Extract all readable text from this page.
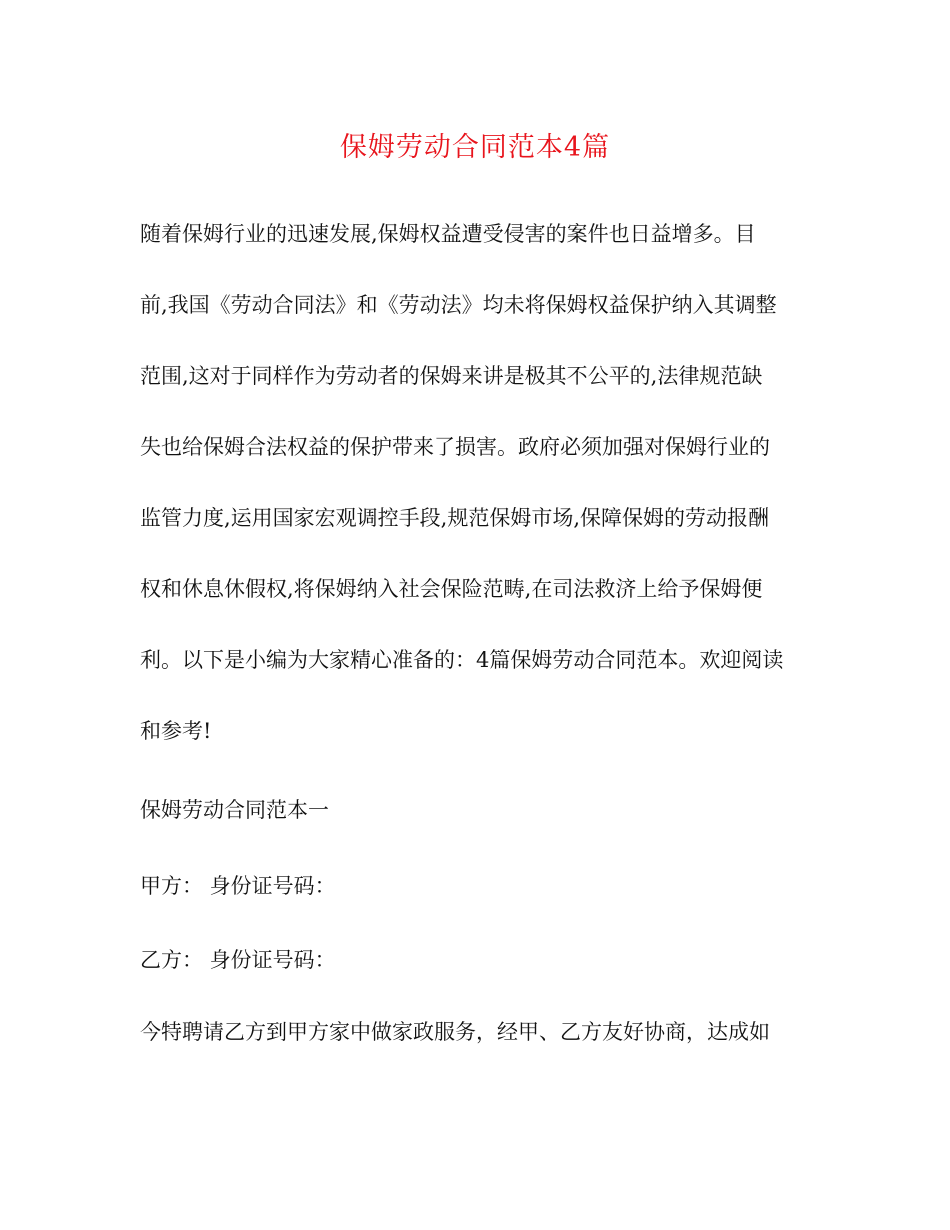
保姆劳动合同范本4篇

随着保姆行业的迅速发展,保姆权益遭受侵害的案件也日益增多。目

前,我国《劳动合同法》和《劳动法》均未将保姆权益保护纳入其调整

范围,这对于同样作为劳动者的保姆来讲是极其不公平的,法律规范缺

失也给保姆合法权益的保护带来了损害。政府必须加强对保姆行业的

监管力度,运用国家宏观调控手段,规范保姆市场,保障保姆的劳动报酬

权和休息休假权,将保姆纳入社会保险范畴,在司法救济上给予保姆便

利。以下是小编为大家精心准备的：4篇保姆劳动合同范本。欢迎阅读

和参考!

保姆劳动合同范本一

甲方： 身份证号码：

乙方： 身份证号码：

今特聘请乙方到甲方家中做家政服务，经甲、乙方友好协商，达成如
